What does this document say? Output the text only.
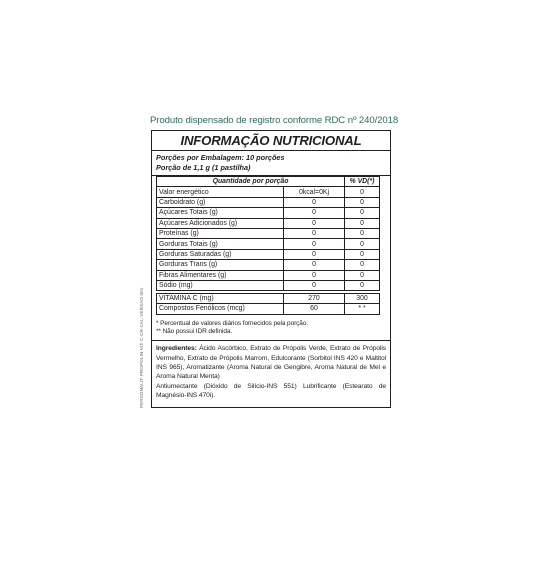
Produto dispensado de registro conforme RDC nº 240/2018
PERSONALIT·PROPOLIN·VIT·C·CR·CAL·VERSAO 001
INFORMAÇÃO NUTRICIONAL
Porções por Embalagem: 10 porções
Porção de 1,1 g (1 pastilha)
Quantidade por porção		% VD(*)
Valor energético	0kcal=0Kj	0
Carboidrato (g)	0	0
Açúcares Totais (g)	0	0
Açúcares Adicionados (g)	0	0
Proteínas (g)	0	0
Gorduras Totais (g)	0	0
Gorduras Saturadas (g)	0	0
Gorduras Trans (g)	0	0
Fibras Alimentares (g)	0	0
Sódio (mg)	0	0

VITAMINA C (mg)	270	300
Compostos Fenólicos (mcg)	60	* *
* Percentual de valores diários fornecidos pela porção.
** Não possui IDR definida.
Ingredientes: Ácido Ascórbico, Extrato de Própolis Verde, Extrato de Própolis Vermelho, Extrato de Própolis Marrom, Edulcorante (Sorbitol INS 420 e Maltitol INS 965), Aromatizante (Aroma Natural de Gengibre, Aroma Natural de Mel e Aroma Natural Menta)
Antiumectante (Dióxido de Silício-INS 551) Lubrificante (Estearato de Magnésio-INS 470i).
